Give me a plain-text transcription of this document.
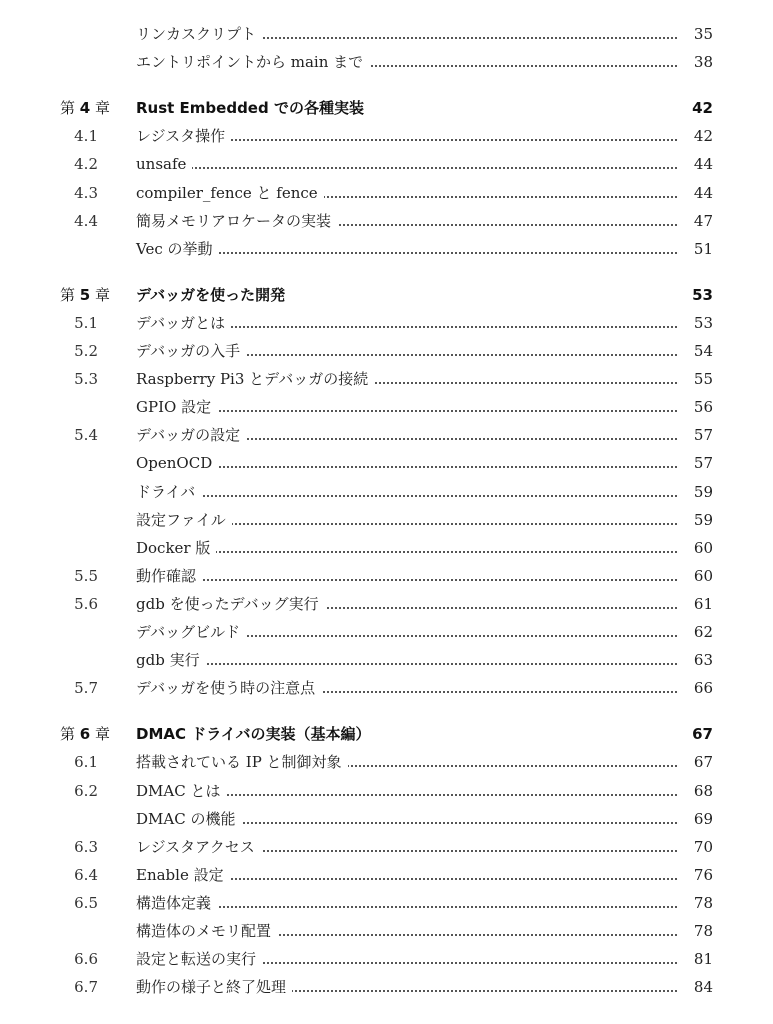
リンカスクリプト	35
エントリポイントから main まで	38
第 4 章 Rust Embedded での各種実装	42
4.1	レジスタ操作	42
4.2	unsafe	44
4.3	compiler_fence と fence	44
4.4	簡易メモリアロケータの実装	47
Vec の挙動	51
第 5 章 デバッガを使った開発	53
5.1	デバッガとは	53
5.2	デバッガの入手	54
5.3	Raspberry Pi3 とデバッガの接続	55
GPIO 設定	56
5.4	デバッガの設定	57
OpenOCD	57
ドライバ	59
設定ファイル	59
Docker 版	60
5.5	動作確認	60
5.6	gdb を使ったデバッグ実行	61
デバッグビルド	62
gdb 実行	63
5.7	デバッガを使う時の注意点	66
第 6 章 DMAC ドライバの実装（基本編）	67
6.1	搭載されている IP と制御対象	67
6.2	DMAC とは	68
DMAC の機能	69
6.3	レジスタアクセス	70
6.4	Enable 設定	76
6.5	構造体定義	78
構造体のメモリ配置	78
6.6	設定と転送の実行	81
6.7	動作の様子と終了処理	84
